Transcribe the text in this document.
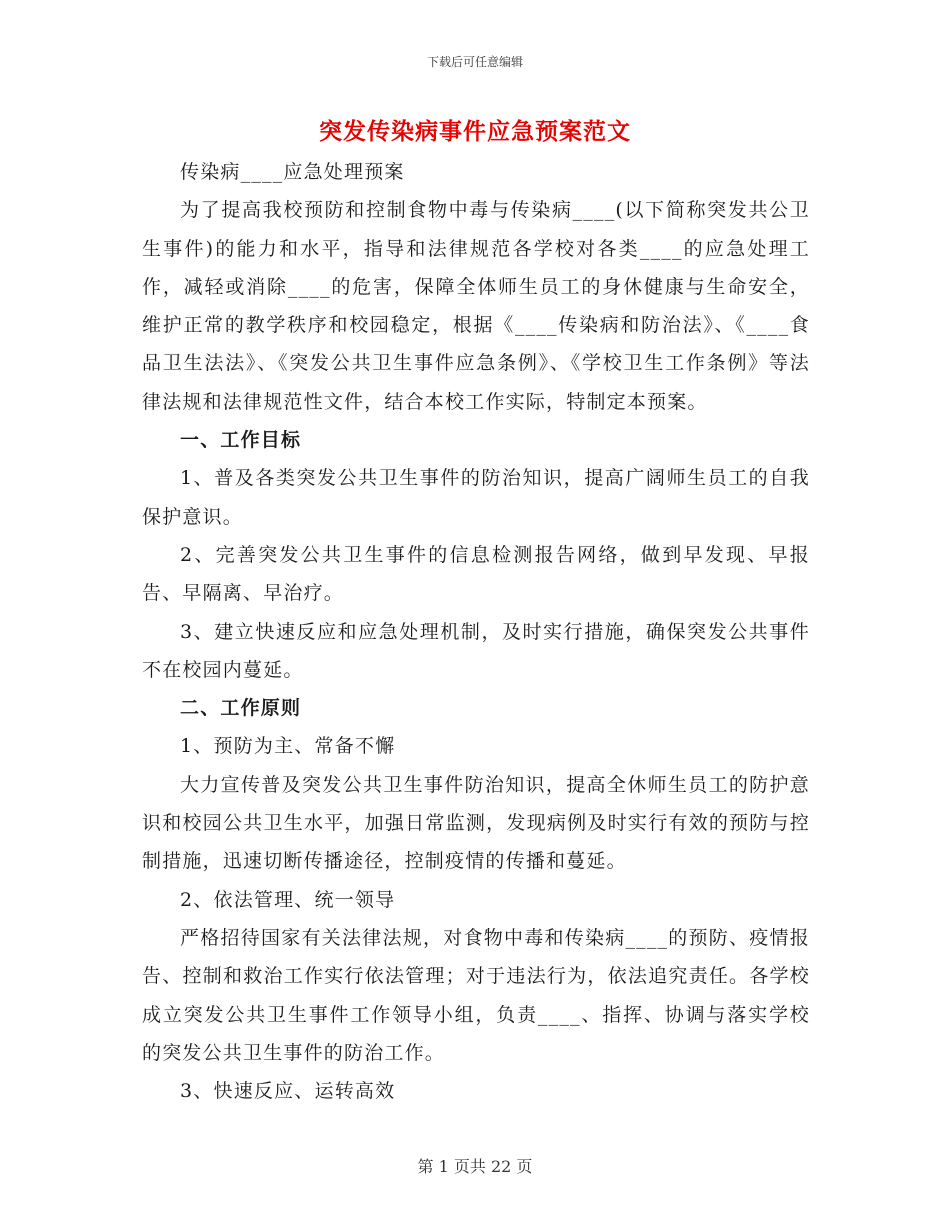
下载后可任意编辑
突发传染病事件应急预案范文

传染病____应急处理预案

为了提高我校预防和控制食物中毒与传染病____(以下简称突发共公卫生事件)的能力和水平，指导和法律规范各学校对各类____的应急处理工作，减轻或消除____的危害，保障全体师生员工的身休健康与生命安全，维护正常的教学秩序和校园稳定，根据《____传染病和防治法》、《____食品卫生法法》、《突发公共卫生事件应急条例》、《学校卫生工作条例》等法律法规和法律规范性文件，结合本校工作实际，特制定本预案。

一、工作目标

1、普及各类突发公共卫生事件的防治知识，提高广阔师生员工的自我保护意识。

2、完善突发公共卫生事件的信息检测报告网络，做到早发现、早报告、早隔离、早治疗。

3、建立快速反应和应急处理机制，及时实行措施，确保突发公共事件不在校园内蔓延。

二、工作原则

1、预防为主、常备不懈

大力宣传普及突发公共卫生事件防治知识，提高全休师生员工的防护意识和校园公共卫生水平，加强日常监测，发现病例及时实行有效的预防与控制措施，迅速切断传播途径，控制疫情的传播和蔓延。

2、依法管理、统一领导

严格招待国家有关法律法规，对食物中毒和传染病____的预防、疫情报告、控制和救治工作实行依法管理；对于违法行为，依法追究责任。各学校成立突发公共卫生事件工作领导小组，负责____、指挥、协调与落实学校的突发公共卫生事件的防治工作。

3、快速反应、运转高效

第 1 页共 22 页
